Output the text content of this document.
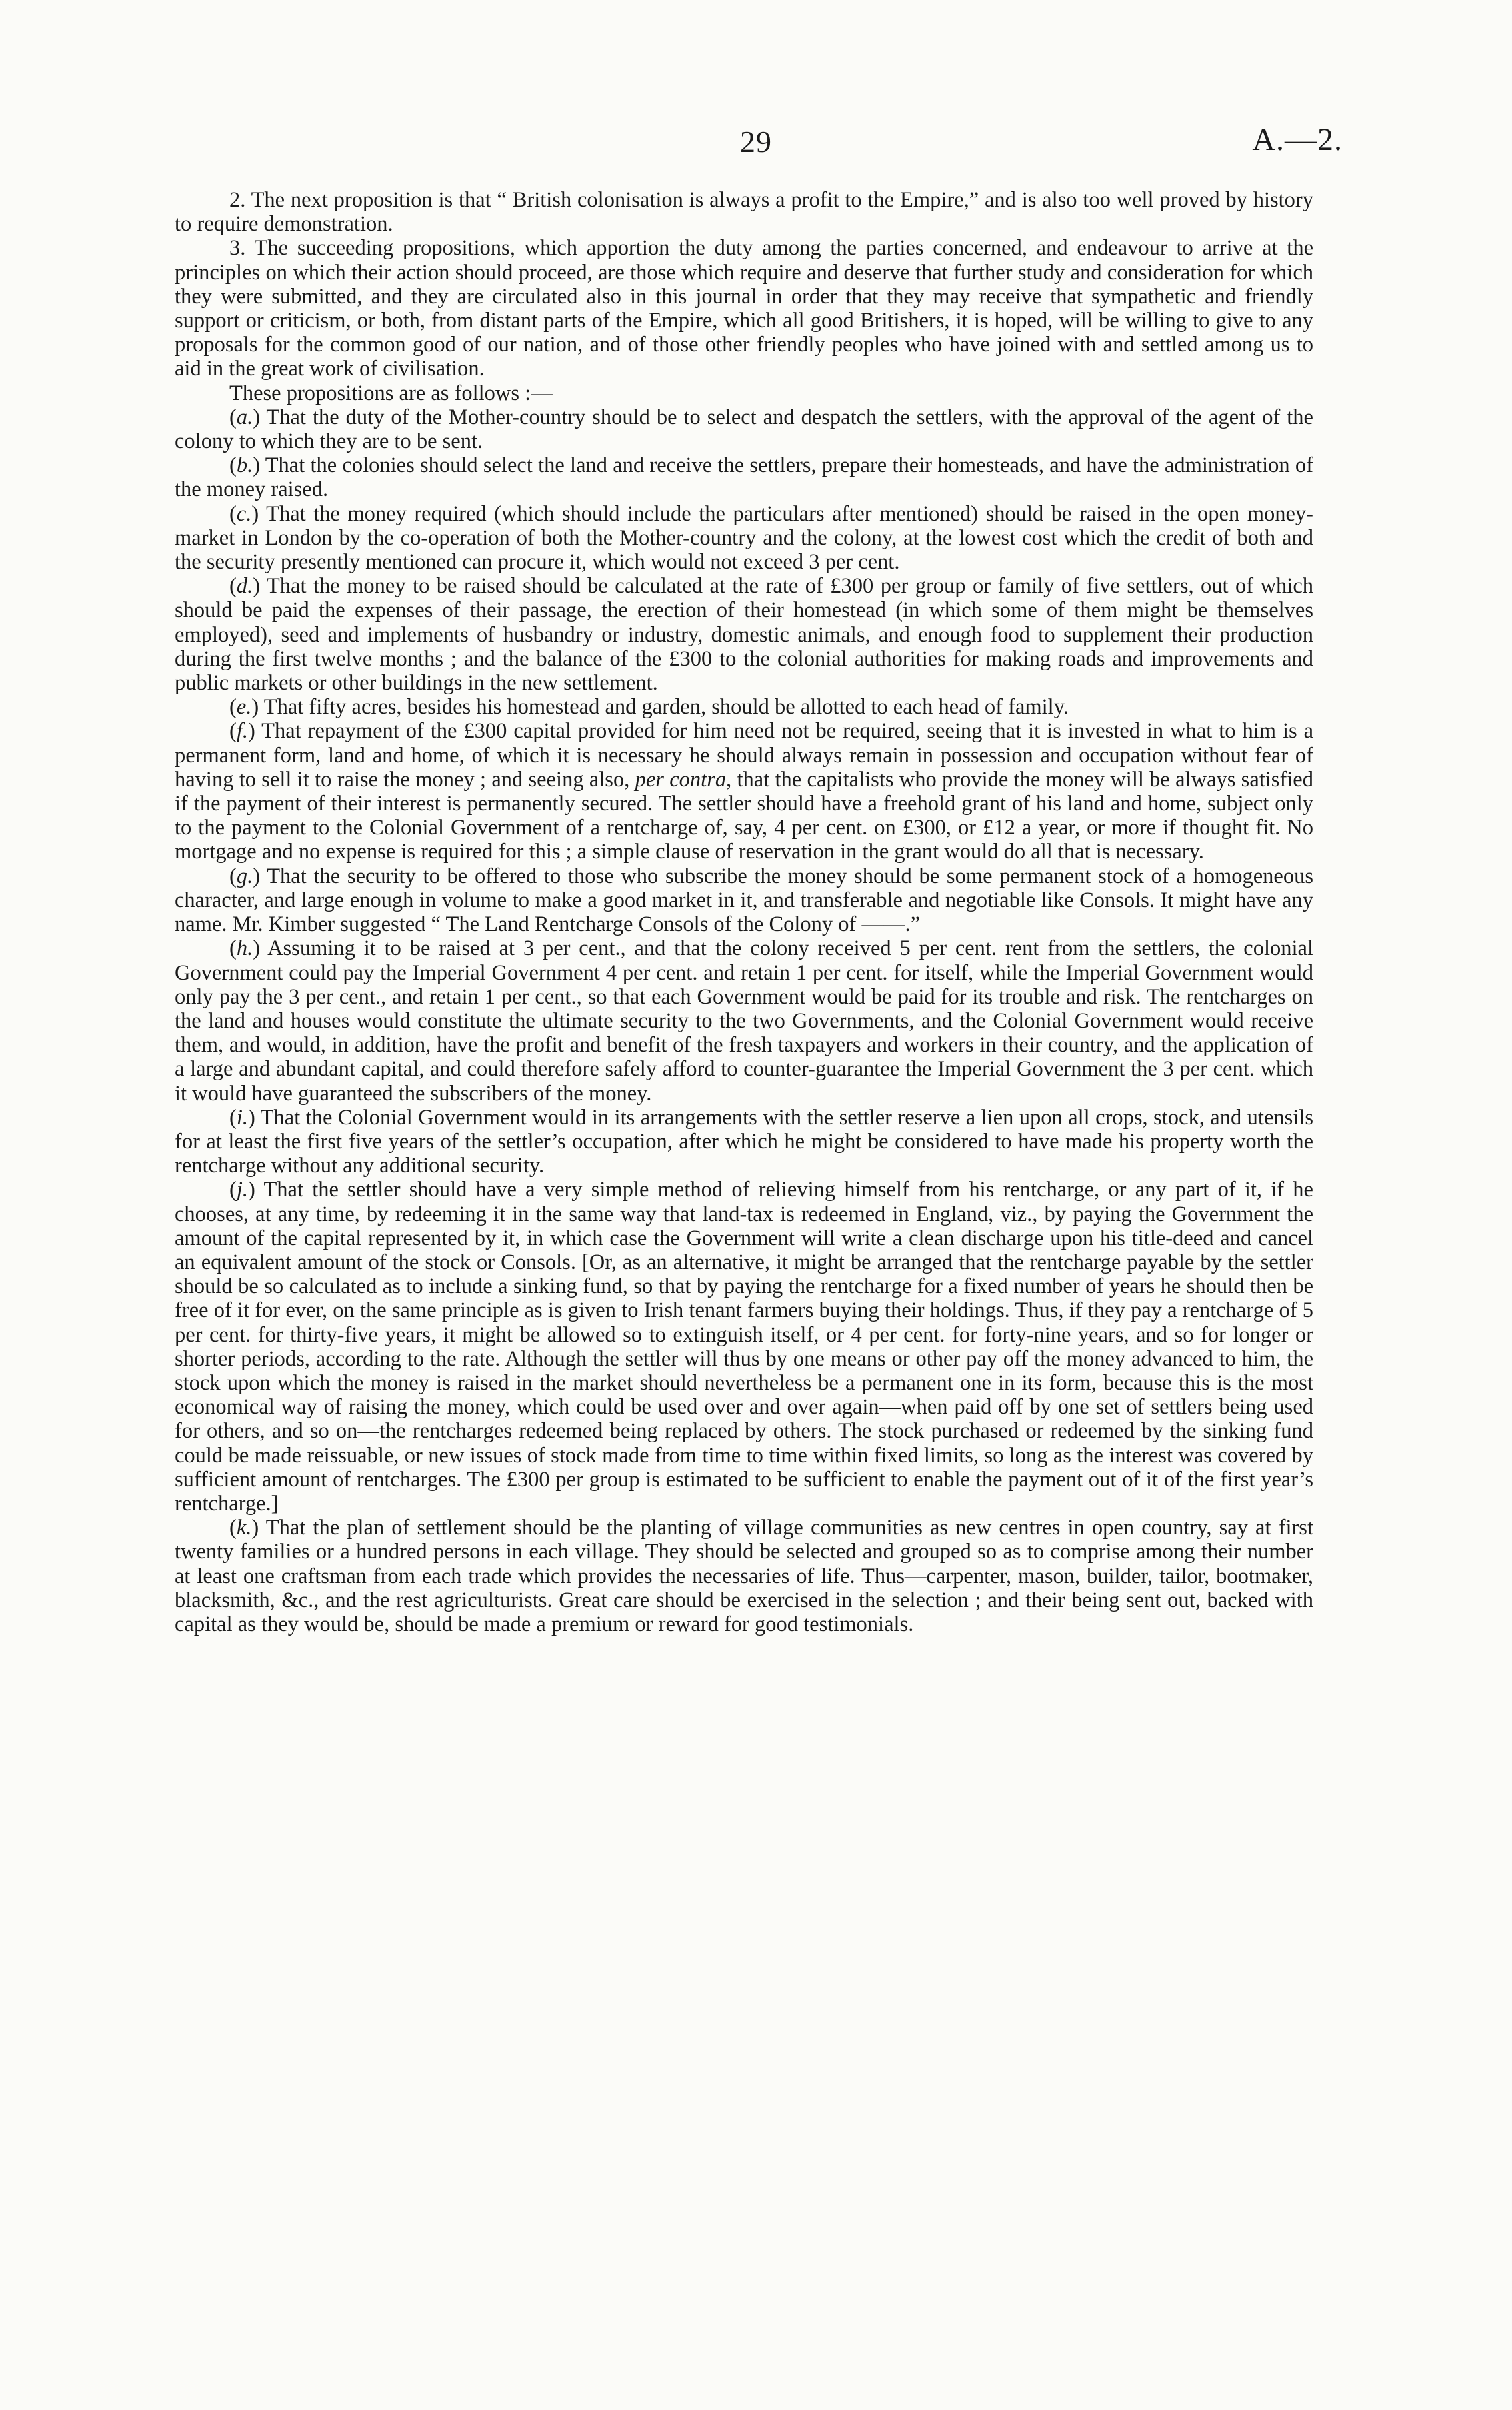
29	A.—2.

2. The next proposition is that “ British colonisation is always a profit to the Empire,” and is also too well proved by history to require demonstration.

3. The succeeding propositions, which apportion the duty among the parties concerned, and endeavour to arrive at the principles on which their action should proceed, are those which require and deserve that further study and consideration for which they were submitted, and they are circulated also in this journal in order that they may receive that sympathetic and friendly support or criticism, or both, from distant parts of the Empire, which all good Britishers, it is hoped, will be willing to give to any proposals for the common good of our nation, and of those other friendly peoples who have joined with and settled among us to aid in the great work of civilisation.

These propositions are as follows :—

(a.) That the duty of the Mother-country should be to select and despatch the settlers, with the approval of the agent of the colony to which they are to be sent.

(b.) That the colonies should select the land and receive the settlers, prepare their homesteads, and have the administration of the money raised.

(c.) That the money required (which should include the particulars after mentioned) should be raised in the open money-market in London by the co-operation of both the Mother-country and the colony, at the lowest cost which the credit of both and the security presently mentioned can procure it, which would not exceed 3 per cent.

(d.) That the money to be raised should be calculated at the rate of £300 per group or family of five settlers, out of which should be paid the expenses of their passage, the erection of their homestead (in which some of them might be themselves employed), seed and implements of husbandry or industry, domestic animals, and enough food to supplement their production during the first twelve months ; and the balance of the £300 to the colonial authorities for making roads and improvements and public markets or other buildings in the new settlement.

(e.) That fifty acres, besides his homestead and garden, should be allotted to each head of family.

(f.) That repayment of the £300 capital provided for him need not be required, seeing that it is invested in what to him is a permanent form, land and home, of which it is necessary he should always remain in possession and occupation without fear of having to sell it to raise the money ; and seeing also, per contra, that the capitalists who provide the money will be always satisfied if the payment of their interest is permanently secured. The settler should have a freehold grant of his land and home, subject only to the payment to the Colonial Government of a rentcharge of, say, 4 per cent. on £300, or £12 a year, or more if thought fit. No mortgage and no expense is required for this ; a simple clause of reservation in the grant would do all that is necessary.

(g.) That the security to be offered to those who subscribe the money should be some permanent stock of a homogeneous character, and large enough in volume to make a good market in it, and transferable and negotiable like Consols. It might have any name. Mr. Kimber suggested “ The Land Rentcharge Consols of the Colony of ——.”

(h.) Assuming it to be raised at 3 per cent., and that the colony received 5 per cent. rent from the settlers, the colonial Government could pay the Imperial Government 4 per cent. and retain 1 per cent. for itself, while the Imperial Government would only pay the 3 per cent., and retain 1 per cent., so that each Government would be paid for its trouble and risk. The rentcharges on the land and houses would constitute the ultimate security to the two Governments, and the Colonial Government would receive them, and would, in addition, have the profit and benefit of the fresh taxpayers and workers in their country, and the application of a large and abundant capital, and could therefore safely afford to counter-guarantee the Imperial Government the 3 per cent. which it would have guaranteed the subscribers of the money.

(i.) That the Colonial Government would in its arrangements with the settler reserve a lien upon all crops, stock, and utensils for at least the first five years of the settler’s occupation, after which he might be considered to have made his property worth the rentcharge without any additional security.

(j.) That the settler should have a very simple method of relieving himself from his rentcharge, or any part of it, if he chooses, at any time, by redeeming it in the same way that land-tax is redeemed in England, viz., by paying the Government the amount of the capital represented by it, in which case the Government will write a clean discharge upon his title-deed and cancel an equivalent amount of the stock or Consols. [Or, as an alternative, it might be arranged that the rentcharge payable by the settler should be so calculated as to include a sinking fund, so that by paying the rentcharge for a fixed number of years he should then be free of it for ever, on the same principle as is given to Irish tenant farmers buying their holdings. Thus, if they pay a rentcharge of 5 per cent. for thirty-five years, it might be allowed so to extinguish itself, or 4 per cent. for forty-nine years, and so for longer or shorter periods, according to the rate. Although the settler will thus by one means or other pay off the money advanced to him, the stock upon which the money is raised in the market should nevertheless be a permanent one in its form, because this is the most economical way of raising the money, which could be used over and over again—when paid off by one set of settlers being used for others, and so on—the rentcharges redeemed being replaced by others. The stock purchased or redeemed by the sinking fund could be made reissuable, or new issues of stock made from time to time within fixed limits, so long as the interest was covered by sufficient amount of rentcharges. The £300 per group is estimated to be sufficient to enable the payment out of it of the first year’s rentcharge.]

(k.) That the plan of settlement should be the planting of village communities as new centres in open country, say at first twenty families or a hundred persons in each village. They should be selected and grouped so as to comprise among their number at least one craftsman from each trade which provides the necessaries of life. Thus—carpenter, mason, builder, tailor, bootmaker, blacksmith, &c., and the rest agriculturists. Great care should be exercised in the selection ; and their being sent out, backed with capital as they would be, should be made a premium or reward for good testimonials.
